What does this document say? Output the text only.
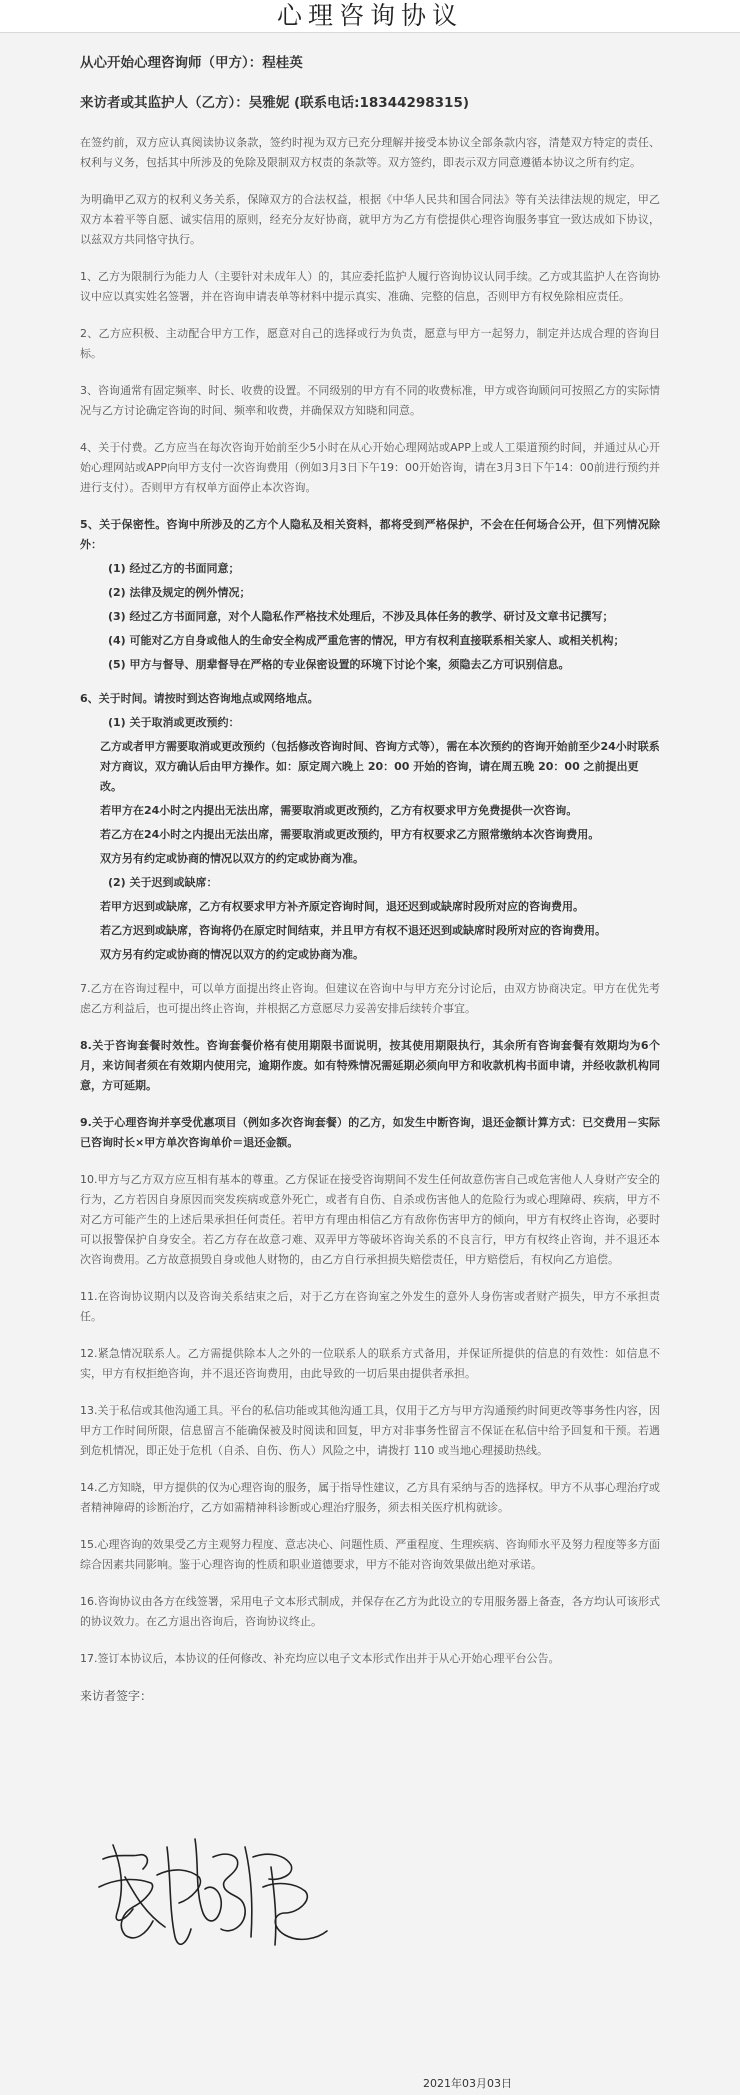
心理咨询协议
从心开始心理咨询师（甲方）：程桂英
来访者或其监护人（乙方）：吴雅妮 (联系电话:18344298315)

在签约前，双方应认真阅读协议条款，签约时视为双方已充分理解并接受本协议全部条款内容，清楚双方特定的责任、权利与义务，包括其中所涉及的免除及限制双方权责的条款等。双方签约，即表示双方同意遵循本协议之所有约定。

为明确甲乙双方的权利义务关系，保障双方的合法权益，根据《中华人民共和国合同法》等有关法律法规的规定，甲乙双方本着平等自愿、诚实信用的原则，经充分友好协商，就甲方为乙方有偿提供心理咨询服务事宜一致达成如下协议，以兹双方共同恪守执行。

1、乙方为限制行为能力人（主要针对未成年人）的，其应委托监护人履行咨询协议认同手续。乙方或其监护人在咨询协议中应以真实姓名签署，并在咨询申请表单等材料中提示真实、准确、完整的信息，否则甲方有权免除相应责任。

2、乙方应积极、主动配合甲方工作，愿意对自己的选择或行为负责，愿意与甲方一起努力，制定并达成合理的咨询目标。

3、咨询通常有固定频率、时长、收费的设置。不同级别的甲方有不同的收费标准，甲方或咨询顾问可按照乙方的实际情况与乙方讨论确定咨询的时间、频率和收费，并确保双方知晓和同意。

4、关于付费。乙方应当在每次咨询开始前至少5小时在从心开始心理网站或APP上或人工渠道预约时间，并通过从心开始心理网站或APP向甲方支付一次咨询费用（例如3月3日下午19：00开始咨询，请在3月3日下午14：00前进行预约并进行支付）。否则甲方有权单方面停止本次咨询。

5、关于保密性。咨询中所涉及的乙方个人隐私及相关资料，都将受到严格保护，不会在任何场合公开，但下列情况除外：

(1) 经过乙方的书面同意；
(2) 法律及规定的例外情况；
(3) 经过乙方书面同意，对个人隐私作严格技术处理后，不涉及具体任务的教学、研讨及文章书记撰写；
(4) 可能对乙方自身或他人的生命安全构成严重危害的情况，甲方有权利直接联系相关家人、或相关机构；
(5) 甲方与督导、朋辈督导在严格的专业保密设置的环境下讨论个案，须隐去乙方可识别信息。

6、关于时间。请按时到达咨询地点或网络地点。

(1) 关于取消或更改预约：
乙方或者甲方需要取消或更改预约（包括修改咨询时间、咨询方式等），需在本次预约的咨询开始前至少24小时联系对方商议，双方确认后由甲方操作。如：原定周六晚上 20：00 开始的咨询，请在周五晚 20：00 之前提出更改。
若甲方在24小时之内提出无法出席，需要取消或更改预约，乙方有权要求甲方免费提供一次咨询。
若乙方在24小时之内提出无法出席，需要取消或更改预约，甲方有权要求乙方照常缴纳本次咨询费用。
双方另有约定或协商的情况以双方的约定或协商为准。
(2) 关于迟到或缺席：
若甲方迟到或缺席，乙方有权要求甲方补齐原定咨询时间，退还迟到或缺席时段所对应的咨询费用。
若乙方迟到或缺席，咨询将仍在原定时间结束，并且甲方有权不退还迟到或缺席时段所对应的咨询费用。
双方另有约定或协商的情况以双方的约定或协商为准。

7.乙方在咨询过程中，可以单方面提出终止咨询。但建议在咨询中与甲方充分讨论后，由双方协商决定。甲方在优先考虑乙方利益后，也可提出终止咨询，并根据乙方意愿尽力妥善安排后续转介事宜。

8.关于咨询套餐时效性。咨询套餐价格有使用期限书面说明，按其使用期限执行，其余所有咨询套餐有效期均为6个月，来访间者须在有效期内使用完，逾期作废。如有特殊情况需延期必须向甲方和收款机构书面申请，并经收款机构同意，方可延期。

9.关于心理咨询并享受优惠项目（例如多次咨询套餐）的乙方，如发生中断咨询，退还金额计算方式：已交费用－实际已咨询时长×甲方单次咨询单价＝退还金额。

10.甲方与乙方双方应互相有基本的尊重。乙方保证在接受咨询期间不发生任何故意伤害自己或危害他人人身财产安全的行为，乙方若因自身原因而突发疾病或意外死亡，或者有自伤、自杀或伤害他人的危险行为或心理障碍、疾病，甲方不对乙方可能产生的上述后果承担任何责任。若甲方有理由相信乙方有敌你伤害甲方的倾向，甲方有权终止咨询，必要时可以报警保护自身安全。若乙方存在故意刁难、双弄甲方等破坏咨询关系的不良言行，甲方有权终止咨询，并不退还本次咨询费用。乙方故意损毁自身或他人财物的，由乙方自行承担损失赔偿责任，甲方赔偿后，有权向乙方追偿。

11.在咨询协议期内以及咨询关系结束之后，对于乙方在咨询室之外发生的意外人身伤害或者财产损失，甲方不承担责任。

12.紧急情况联系人。乙方需提供除本人之外的一位联系人的联系方式备用，并保证所提供的信息的有效性：如信息不实，甲方有权拒绝咨询，并不退还咨询费用，由此导致的一切后果由提供者承担。

13.关于私信或其他沟通工具。平台的私信功能或其他沟通工具，仅用于乙方与甲方沟通预约时间更改等事务性内容，因甲方工作时间所限，信息留言不能确保被及时阅读和回复，甲方对非事务性留言不保证在私信中给予回复和干预。若遇到危机情况，即正处于危机（自杀、自伤、伤人）风险之中，请拨打 110 或当地心理援助热线。

14.乙方知晓，甲方提供的仅为心理咨询的服务，属于指导性建议，乙方具有采纳与否的选择权。甲方不从事心理治疗或者精神障碍的诊断治疗，乙方如需精神科诊断或心理治疗服务，须去相关医疗机构就诊。

15.心理咨询的效果受乙方主观努力程度、意志决心、问题性质、严重程度、生理疾病、咨询师水平及努力程度等多方面综合因素共同影响。鉴于心理咨询的性质和职业道德要求，甲方不能对咨询效果做出绝对承诺。

16.咨询协议由各方在线签署，采用电子文本形式制成，并保存在乙方为此设立的专用服务器上备查，各方均认可该形式的协议效力。在乙方退出咨询后，咨询协议终止。

17.签订本协议后，本协议的任何修改、补充均应以电子文本形式作出并于从心开始心理平台公告。

来访者签字：
2021年03月03日
